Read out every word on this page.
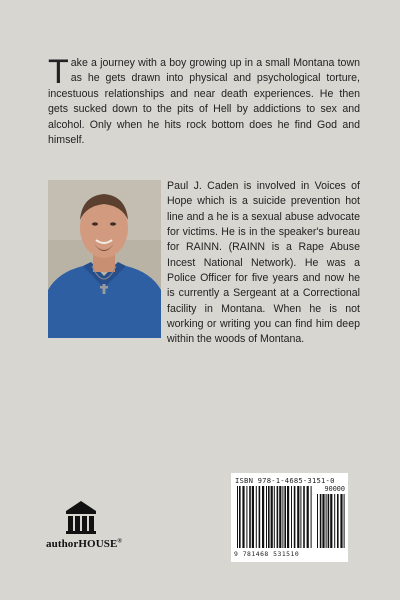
Take a journey with a boy growing up in a small Montana town as he gets drawn into physical and psychological torture, incestuous relationships and near death experiences. He then gets sucked down to the pits of Hell by addictions to sex and alcohol. Only when he hits rock bottom does he find God and himself.
Paul J. Caden is involved in Voices of Hope which is a suicide prevention hot line and a he is a sexual abuse advocate for victims. He is in the speaker's bureau for RAINN. (RAINN is a Rape Abuse Incest National Network). He was a Police Officer for five years and now he is currently a Sergeant at a Correctional facility in Montana. When he is not working or writing you can find him deep within the woods of Montana.
ISBN 978-1-4685-3151-0
90000
9 781468 531510
authorHOUSE®
